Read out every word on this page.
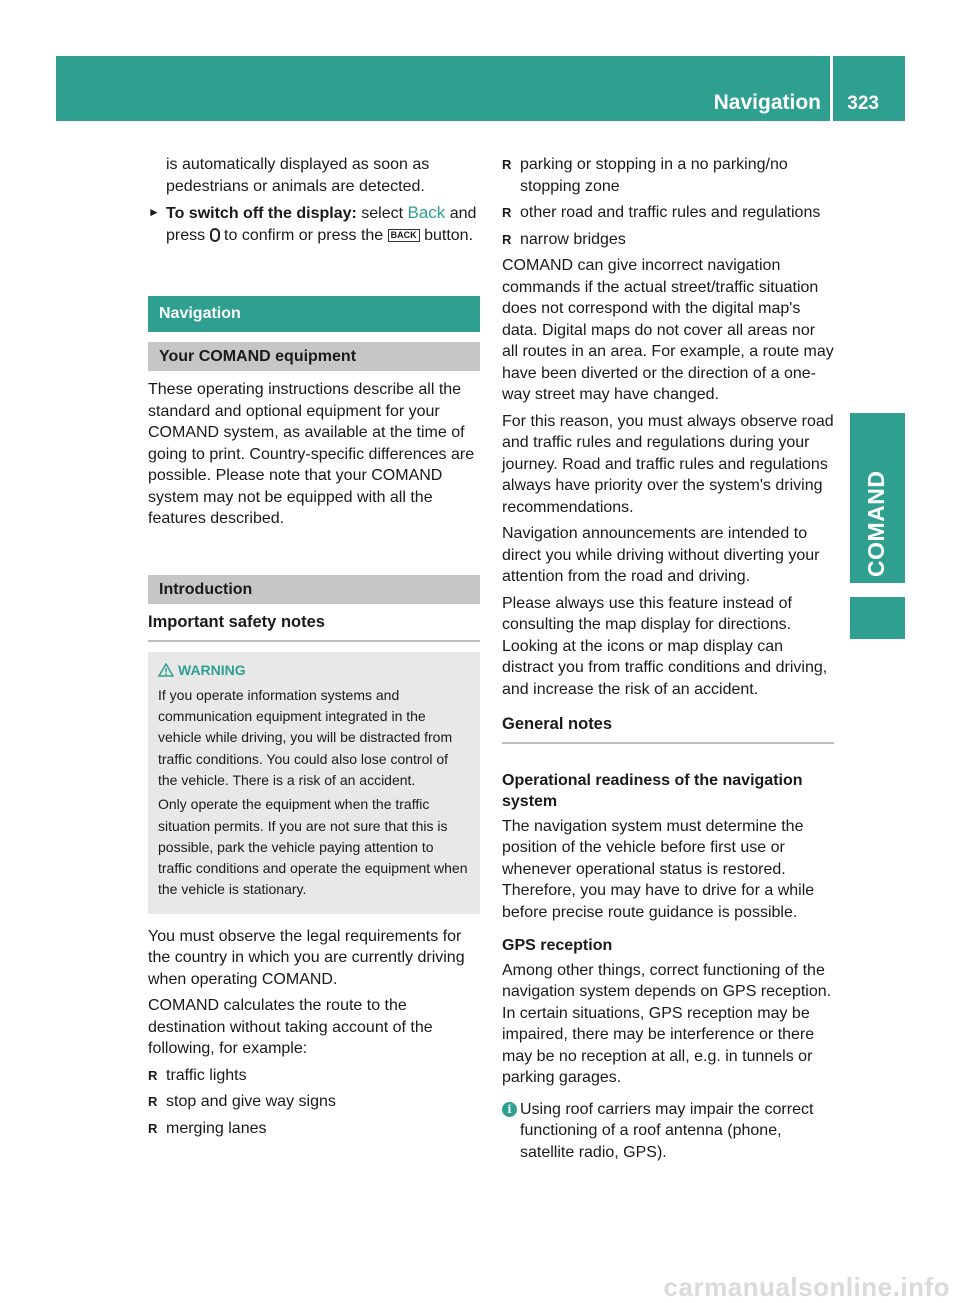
Navigation 323
COMAND

is automatically displayed as soon as pedestrians or animals are detected.

► To switch off the display: select Back and press  to confirm or press the BACK button.
Navigation
Your COMAND equipment

These operating instructions describe all the standard and optional equipment for your COMAND system, as available at the time of going to print. Country-specific differences are possible. Please note that your COMAND system may not be equipped with all the features described.

Introduction
Important safety notes
WARNING

If you operate information systems and communication equipment integrated in the vehicle while driving, you will be distracted from traffic conditions. You could also lose control of the vehicle. There is a risk of an accident.

Only operate the equipment when the traffic situation permits. If you are not sure that this is possible, park the vehicle paying attention to traffic conditions and operate the equipment when the vehicle is stationary.

You must observe the legal requirements for the country in which you are currently driving when operating COMAND.

COMAND calculates the route to the destination without taking account of the following, for example:

R traffic lights
R stop and give way signs
R merging lanes
R parking or stopping in a no parking/no stopping zone
R other road and traffic rules and regulations
R narrow bridges

COMAND can give incorrect navigation commands if the actual street/traffic situation does not correspond with the digital map's data. Digital maps do not cover all areas nor all routes in an area. For example, a route may have been diverted or the direction of a one-way street may have changed.

For this reason, you must always observe road and traffic rules and regulations during your journey. Road and traffic rules and regulations always have priority over the system's driving recommendations.

Navigation announcements are intended to direct you while driving without diverting your attention from the road and driving.

Please always use this feature instead of consulting the map display for directions. Looking at the icons or map display can distract you from traffic conditions and driving, and increase the risk of an accident.

General notes

Operational readiness of the navigation system

The navigation system must determine the position of the vehicle before first use or whenever operational status is restored. Therefore, you may have to drive for a while before precise route guidance is possible.

GPS reception

Among other things, correct functioning of the navigation system depends on GPS reception. In certain situations, GPS reception may be impaired, there may be interference or there may be no reception at all, e.g. in tunnels or parking garages.

i Using roof carriers may impair the correct functioning of a roof antenna (phone, satellite radio, GPS).
carmanualsonline.info
